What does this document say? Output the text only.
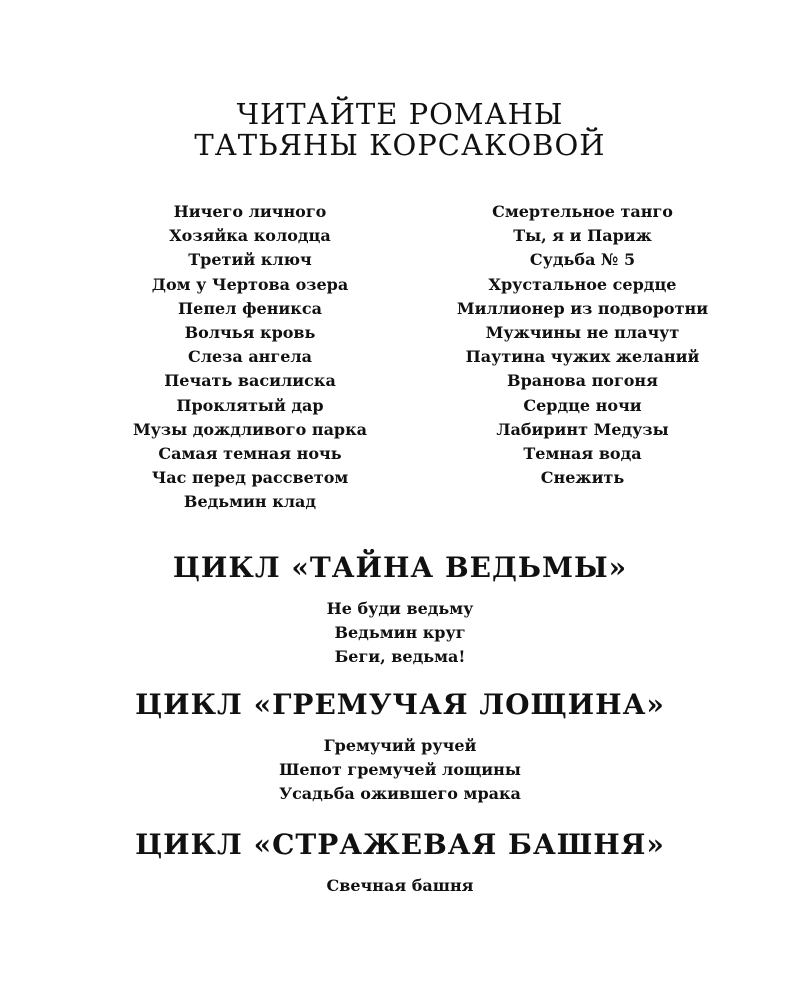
ЧИТАЙТЕ РОМАНЫ
ТАТЬЯНЫ КОРСАКОВОЙ
Ничего личного
Хозяйка колодца
Третий ключ
Дом у Чертова озера
Пепел феникса
Волчья кровь
Слеза ангела
Печать василиска
Проклятый дар
Музы дождливого парка
Самая темная ночь
Час перед рассветом
Ведьмин клад
Смертельное танго
Ты, я и Париж
Судьба № 5
Хрустальное сердце
Миллионер из подворотни
Мужчины не плачут
Паутина чужих желаний
Вранова погоня
Сердце ночи
Лабиринт Медузы
Темная вода
Снежить
ЦИКЛ «ТАЙНА ВЕДЬМЫ»
Не буди ведьму
Ведьмин круг
Беги, ведьма!
ЦИКЛ «ГРЕМУЧАЯ ЛОЩИНА»
Гремучий ручей
Шепот гремучей лощины
Усадьба ожившего мрака
ЦИКЛ «СТРАЖЕВАЯ БАШНЯ»
Свечная башня
